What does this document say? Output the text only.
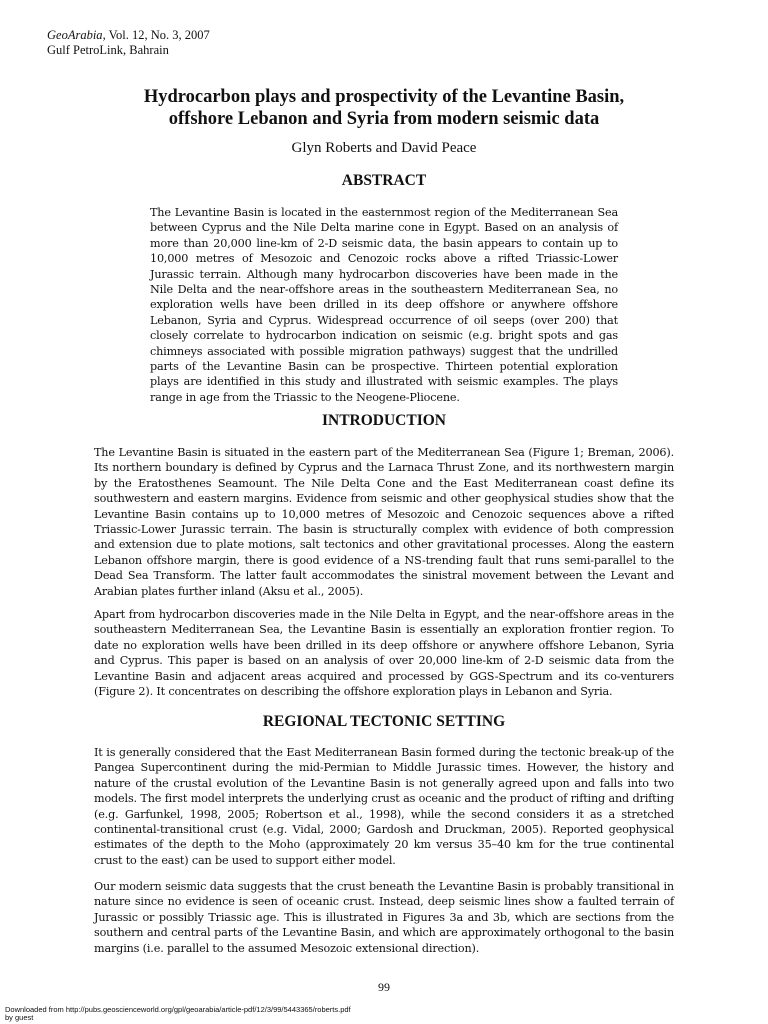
GeoArabia, Vol. 12, No. 3, 2007
Gulf PetroLink, Bahrain
Hydrocarbon plays and prospectivity of the Levantine Basin,
offshore Lebanon and Syria from modern seismic data
Glyn Roberts and David Peace
ABSTRACT

The Levantine Basin is located in the easternmost region of the Mediterranean Sea between Cyprus and the Nile Delta marine cone in Egypt. Based on an analysis of more than 20,000 line-km of 2-D seismic data, the basin appears to contain up to 10,000 metres of Mesozoic and Cenozoic rocks above a rifted Triassic-Lower Jurassic terrain. Although many hydrocarbon discoveries have been made in the Nile Delta and the near-offshore areas in the southeastern Mediterranean Sea, no exploration wells have been drilled in its deep offshore or anywhere offshore Lebanon, Syria and Cyprus. Widespread occurrence of oil seeps (over 200) that closely correlate to hydrocarbon indication on seismic (e.g. bright spots and gas chimneys associated with possible migration pathways) suggest that the undrilled parts of the Levantine Basin can be prospective. Thirteen potential exploration plays are identified in this study and illustrated with seismic examples. The plays range in age from the Triassic to the Neogene-Pliocene.

INTRODUCTION

The Levantine Basin is situated in the eastern part of the Mediterranean Sea (Figure 1; Breman, 2006). Its northern boundary is defined by Cyprus and the Larnaca Thrust Zone, and its northwestern margin by the Eratosthenes Seamount. The Nile Delta Cone and the East Mediterranean coast define its southwestern and eastern margins. Evidence from seismic and other geophysical studies show that the Levantine Basin contains up to 10,000 metres of Mesozoic and Cenozoic sequences above a rifted Triassic-Lower Jurassic terrain. The basin is structurally complex with evidence of both compression and extension due to plate motions, salt tectonics and other gravitational processes. Along the eastern Lebanon offshore margin, there is good evidence of a NS-trending fault that runs semi-parallel to the Dead Sea Transform. The latter fault accommodates the sinistral movement between the Levant and Arabian plates further inland (Aksu et al., 2005).

Apart from hydrocarbon discoveries made in the Nile Delta in Egypt, and the near-offshore areas in the southeastern Mediterranean Sea, the Levantine Basin is essentially an exploration frontier region. To date no exploration wells have been drilled in its deep offshore or anywhere offshore Lebanon, Syria and Cyprus. This paper is based on an analysis of over 20,000 line-km of 2-D seismic data from the Levantine Basin and adjacent areas acquired and processed by GGS-Spectrum and its co-venturers (Figure 2). It concentrates on describing the offshore exploration plays in Lebanon and Syria.

REGIONAL TECTONIC SETTING

It is generally considered that the East Mediterranean Basin formed during the tectonic break-up of the Pangea Supercontinent during the mid-Permian to Middle Jurassic times. However, the history and nature of the crustal evolution of the Levantine Basin is not generally agreed upon and falls into two models. The first model interprets the underlying crust as oceanic and the product of rifting and drifting (e.g. Garfunkel, 1998, 2005; Robertson et al., 1998), while the second considers it as a stretched continental-transitional crust (e.g. Vidal, 2000; Gardosh and Druckman, 2005). Reported geophysical estimates of the depth to the Moho (approximately 20 km versus 35–40 km for the true continental crust to the east) can be used to support either model.

Our modern seismic data suggests that the crust beneath the Levantine Basin is probably transitional in nature since no evidence is seen of oceanic crust. Instead, deep seismic lines show a faulted terrain of Jurassic or possibly Triassic age. This is illustrated in Figures 3a and 3b, which are sections from the southern and central parts of the Levantine Basin, and which are approximately orthogonal to the basin margins (i.e. parallel to the assumed Mesozoic extensional direction).

99
Downloaded from http://pubs.geoscienceworld.org/gpl/geoarabia/article-pdf/12/3/99/5443365/roberts.pdf
by guest
